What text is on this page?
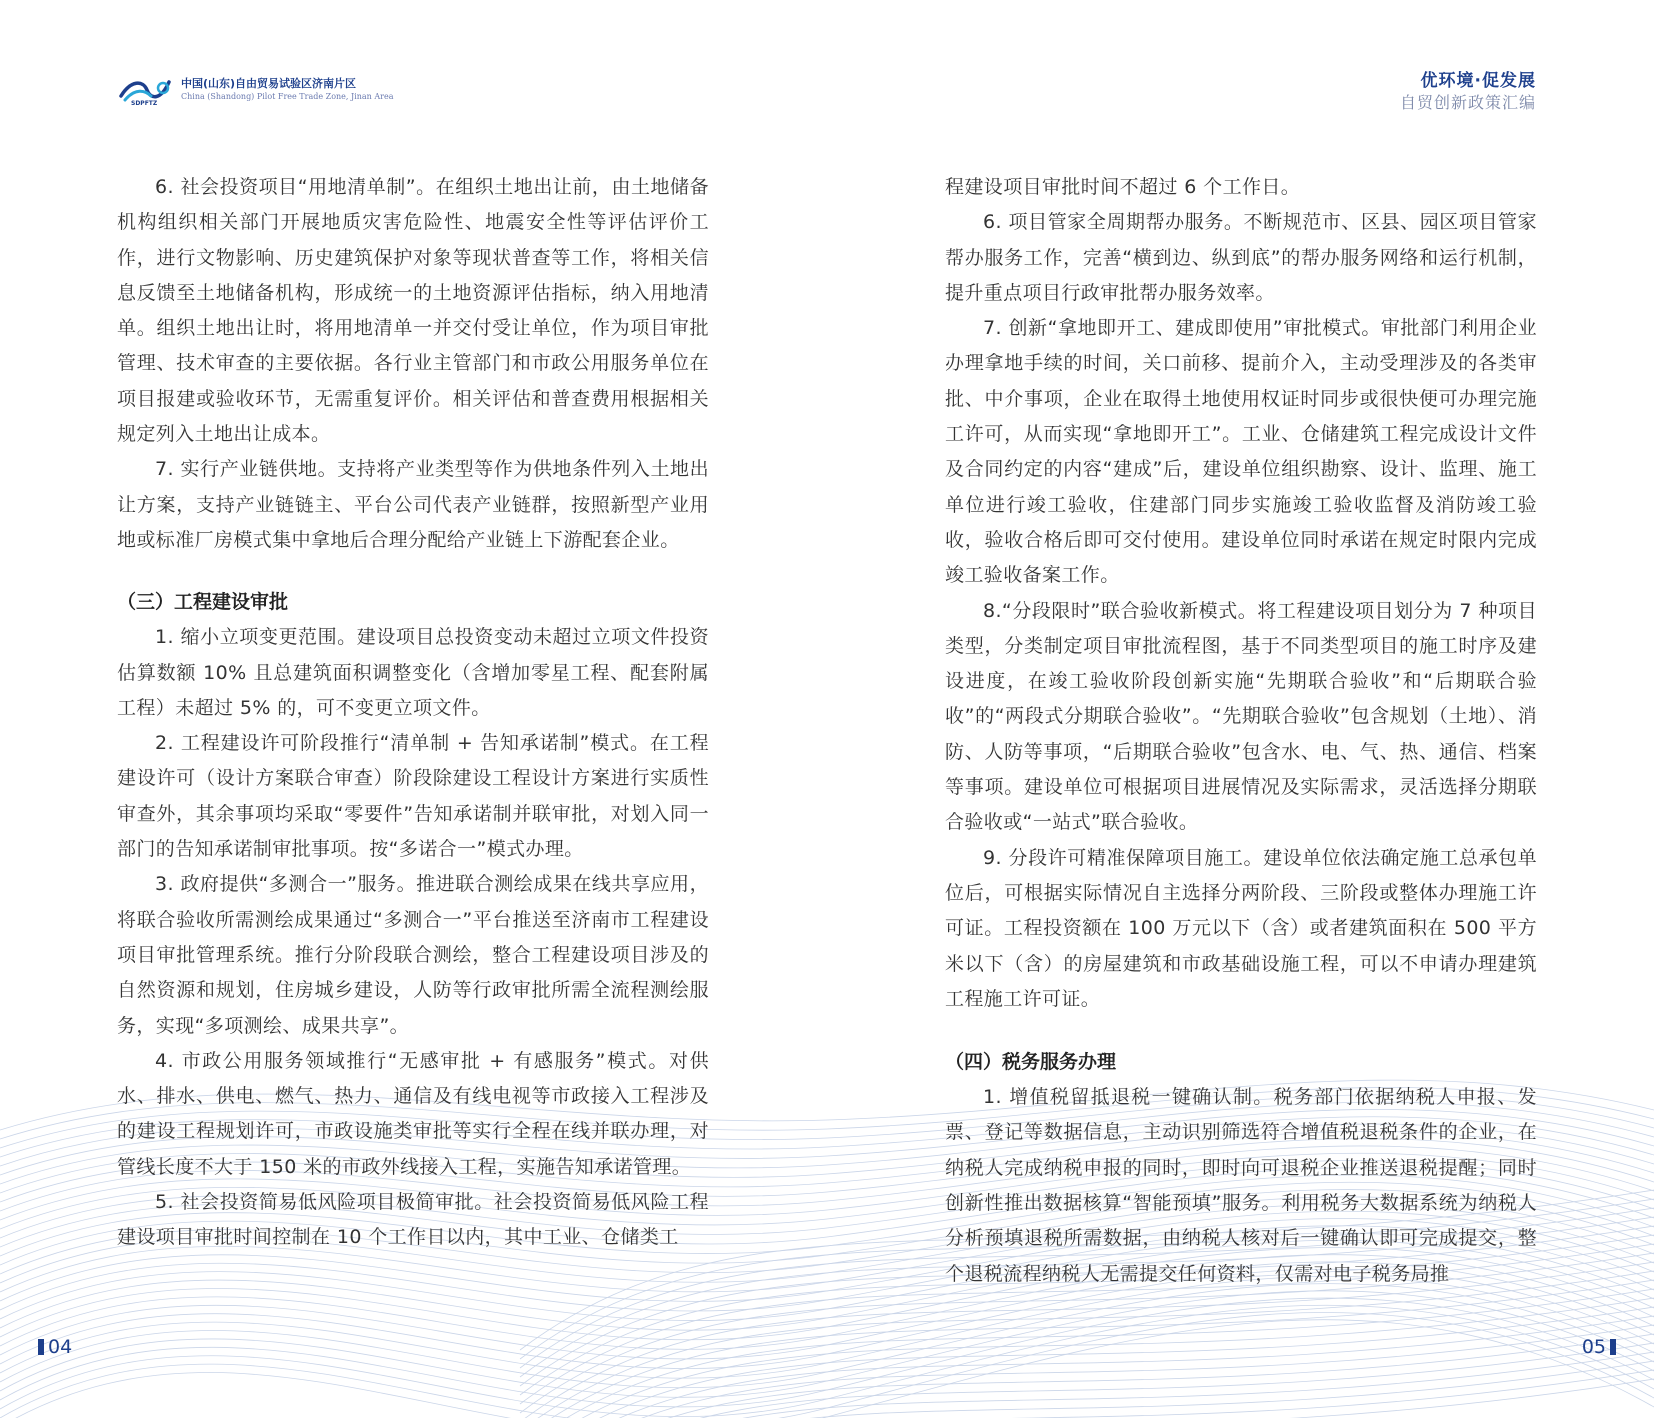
SDPFTZ
中国(山东)自由贸易试验区济南片区
China (Shandong) Pilot Free Trade Zone, Jinan Area
优环境·促发展
自贸创新政策汇编

6. 社会投资项目“用地清单制”。在组织土地出让前，由土地储备机构组织相关部门开展地质灾害危险性、地震安全性等评估评价工作，进行文物影响、历史建筑保护对象等现状普查等工作，将相关信息反馈至土地储备机构，形成统一的土地资源评估指标，纳入用地清单。组织土地出让时，将用地清单一并交付受让单位，作为项目审批管理、技术审查的主要依据。各行业主管部门和市政公用服务单位在项目报建或验收环节，无需重复评价。相关评估和普查费用根据相关规定列入土地出让成本。

7. 实行产业链供地。支持将产业类型等作为供地条件列入土地出让方案，支持产业链链主、平台公司代表产业链群，按照新型产业用地或标准厂房模式集中拿地后合理分配给产业链上下游配套企业。

（三）工程建设审批

1. 缩小立项变更范围。建设项目总投资变动未超过立项文件投资估算数额 10% 且总建筑面积调整变化（含增加零星工程、配套附属工程）未超过 5% 的，可不变更立项文件。

2. 工程建设许可阶段推行“清单制 + 告知承诺制”模式。在工程建设许可（设计方案联合审查）阶段除建设工程设计方案进行实质性审查外，其余事项均采取“零要件”告知承诺制并联审批，对划入同一部门的告知承诺制审批事项。按“多诺合一”模式办理。

3. 政府提供“多测合一”服务。推进联合测绘成果在线共享应用，将联合验收所需测绘成果通过“多测合一”平台推送至济南市工程建设项目审批管理系统。推行分阶段联合测绘，整合工程建设项目涉及的自然资源和规划，住房城乡建设，人防等行政审批所需全流程测绘服务，实现“多项测绘、成果共享”。

4. 市政公用服务领域推行“无感审批 + 有感服务”模式。对供水、排水、供电、燃气、热力、通信及有线电视等市政接入工程涉及的建设工程规划许可，市政设施类审批等实行全程在线并联办理，对管线长度不大于 150 米的市政外线接入工程，实施告知承诺管理。

5. 社会投资简易低风险项目极简审批。社会投资简易低风险工程建设项目审批时间控制在 10 个工作日以内，其中工业、仓储类工

程建设项目审批时间不超过 6 个工作日。

6. 项目管家全周期帮办服务。不断规范市、区县、园区项目管家帮办服务工作，完善“横到边、纵到底”的帮办服务网络和运行机制，提升重点项目行政审批帮办服务效率。

7. 创新“拿地即开工、建成即使用”审批模式。审批部门利用企业办理拿地手续的时间，关口前移、提前介入，主动受理涉及的各类审批、中介事项，企业在取得土地使用权证时同步或很快便可办理完施工许可，从而实现“拿地即开工”。工业、仓储建筑工程完成设计文件及合同约定的内容“建成”后，建设单位组织勘察、设计、监理、施工单位进行竣工验收，住建部门同步实施竣工验收监督及消防竣工验收，验收合格后即可交付使用。建设单位同时承诺在规定时限内完成竣工验收备案工作。

8.“分段限时”联合验收新模式。将工程建设项目划分为 7 种项目类型，分类制定项目审批流程图，基于不同类型项目的施工时序及建设进度，在竣工验收阶段创新实施“先期联合验收”和“后期联合验收”的“两段式分期联合验收”。“先期联合验收”包含规划（土地）、消防、人防等事项，“后期联合验收”包含水、电、气、热、通信、档案等事项。建设单位可根据项目进展情况及实际需求，灵活选择分期联合验收或“一站式”联合验收。

9. 分段许可精准保障项目施工。建设单位依法确定施工总承包单位后，可根据实际情况自主选择分两阶段、三阶段或整体办理施工许可证。工程投资额在 100 万元以下（含）或者建筑面积在 500 平方米以下（含）的房屋建筑和市政基础设施工程，可以不申请办理建筑工程施工许可证。

（四）税务服务办理

1. 增值税留抵退税一键确认制。税务部门依据纳税人申报、发票、登记等数据信息，主动识别筛选符合增值税退税条件的企业，在纳税人完成纳税申报的同时，即时向可退税企业推送退税提醒；同时创新性推出数据核算“智能预填”服务。利用税务大数据系统为纳税人分析预填退税所需数据，由纳税人核对后一键确认即可完成提交，整个退税流程纳税人无需提交任何资料，仅需对电子税务局推

04	05
